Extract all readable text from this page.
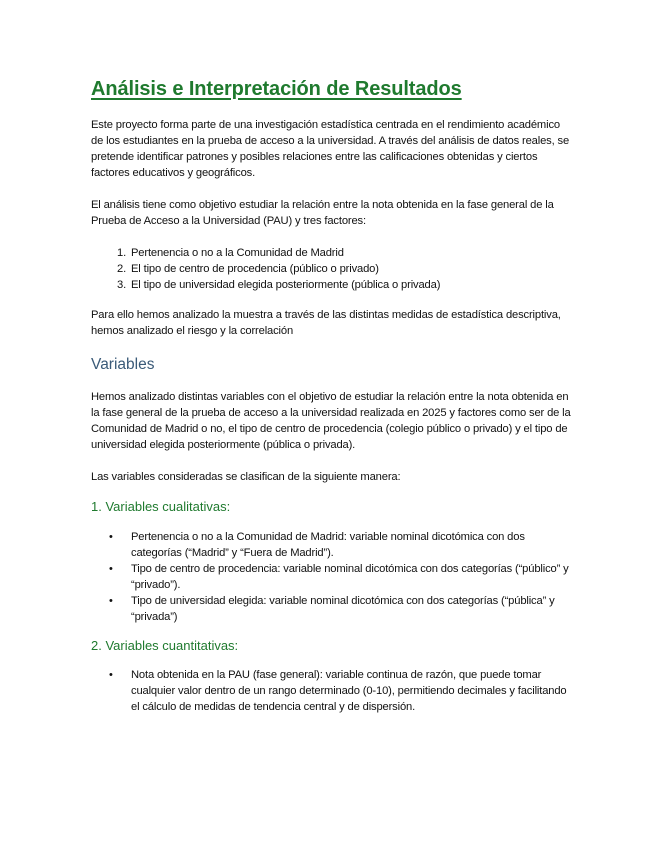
Análisis e Interpretación de Resultados

Este proyecto forma parte de una investigación estadística centrada en el rendimiento académico de los estudiantes en la prueba de acceso a la universidad. A través del análisis de datos reales, se pretende identificar patrones y posibles relaciones entre las calificaciones obtenidas y ciertos factores educativos y geográficos.

El análisis tiene como objetivo estudiar la relación entre la nota obtenida en la fase general de la Prueba de Acceso a la Universidad (PAU) y tres factores:

1. Pertenencia o no a la Comunidad de Madrid
2. El tipo de centro de procedencia (público o privado)
3. El tipo de universidad elegida posteriormente (pública o privada)

Para ello hemos analizado la muestra a través de las distintas medidas de estadística descriptiva, hemos analizado el riesgo y la correlación

Variables

Hemos analizado distintas variables con el objetivo de estudiar la relación entre la nota obtenida en la fase general de la prueba de acceso a la universidad realizada en 2025 y factores como ser de la Comunidad de Madrid o no, el tipo de centro de procedencia (colegio público o privado) y el tipo de universidad elegida posteriormente (pública o privada).

Las variables consideradas se clasifican de la siguiente manera:

1. Variables cualitativas:
• Pertenencia o no a la Comunidad de Madrid: variable nominal dicotómica con dos categorías (“Madrid” y “Fuera de Madrid”).
• Tipo de centro de procedencia: variable nominal dicotómica con dos categorías (“público” y “privado”).
• Tipo de universidad elegida: variable nominal dicotómica con dos categorías (“pública” y “privada”)
2. Variables cuantitativas:
• Nota obtenida en la PAU (fase general): variable continua de razón, que puede tomar cualquier valor dentro de un rango determinado (0-10), permitiendo decimales y facilitando el cálculo de medidas de tendencia central y de dispersión.
